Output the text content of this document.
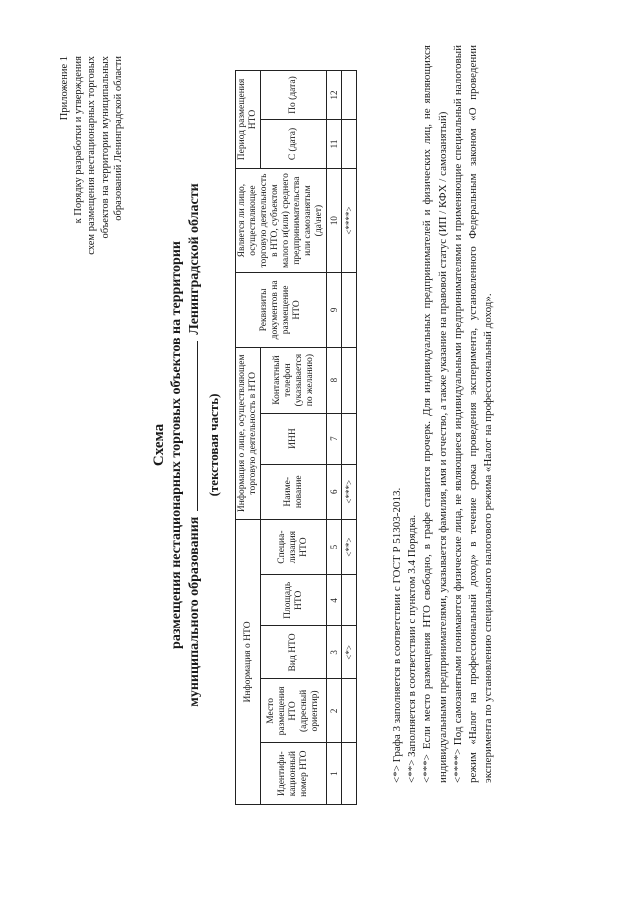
Приложение 1 к Порядку разработки и утверждения схем размещения нестационарных торговых объектов на территории муниципальных образований Ленинградской области
Схема размещения нестационарных торговых объектов на территории муниципального образования
Ленинградской области
(текстовая часть)
Информация о НТО					Информация о лице, осуществляющем торговую деятельность в НТО			Реквизиты документов на размещение НТО	Является ли лицо, осуществляющее торговую деятельность в НТО, субъектом малого и(или) среднего предпринимательства или самозанятым (да\нет)	Период размещения НТО	
Идентифи-кационный номер НТО	Место размещения НТО (адресный ориентир)	Вид НТО	Площадь НТО	Специа-лизация НТО	Наиме-нование	ИНН	Контактный телефон (указывается по желанию)			С (дата)	По (дата)
1	2	3	4	5	6	7	8	9	10	11	12
		<*>		<**>	<***>				<****>		

<*> Графа 3 заполняется в соответствии с ГОСТ Р 51303-2013. <**> Заполняется в соответствии с пунктом 3.4 Порядка. <***> Если место размещения НТО свободно, в графе ставится прочерк. Для индивидуальных предпринимателей и физических лиц, не являющихся индивидуальными предпринимателями, указывается фамилия, имя и отчество, а также указание на правовой статус (ИП / КФХ / самозанятый) <****> Под самозанятыми понимаются физические лица, не являющиеся индивидуальными предпринимателями и применяющие специальный налоговый режим «Налог на профессиональный доход» в течение срока проведения эксперимента, установленного Федеральным законом «О проведении эксперимента по установлению специального налогового режима «Налог на профессиональный доход».
